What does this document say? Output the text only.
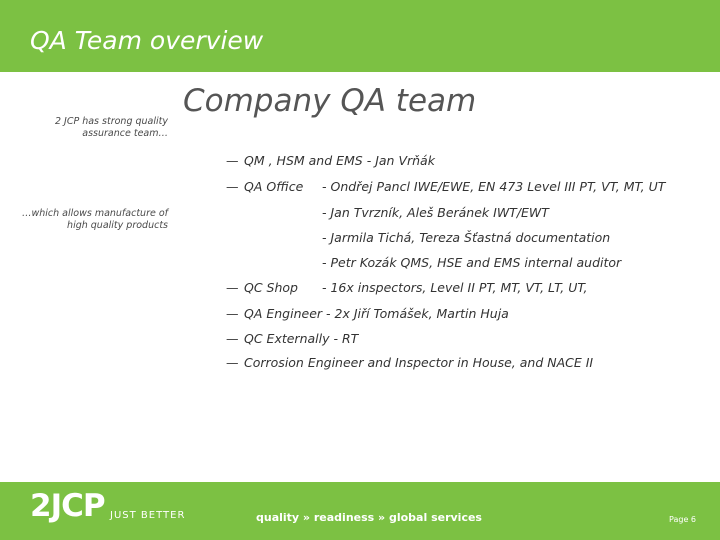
QA Team overview
2 JCP has strong quality assurance team…
…which allows manufacture of high quality products
Company QA team
— QM , HSM and EMS - Jan Vrňák
— QA Office - Ondřej Pancl IWE/EWE, EN 473 Level III PT, VT, MT, UT
- Jan Tvrzník, Aleš Beránek IWT/EWT
- Jarmila Tichá, Tereza Šťastná documentation
- Petr Kozák QMS, HSE and EMS internal auditor
— QC Shop - 16x inspectors, Level II PT, MT, VT, LT, UT,
— QA Engineer - 2x Jiří Tomášek, Martin Huja
— QC Externally - RT
— Corrosion Engineer and Inspector in House, and NACE II
2JCP JUST BETTER	quality » readiness » global services	Page 6
